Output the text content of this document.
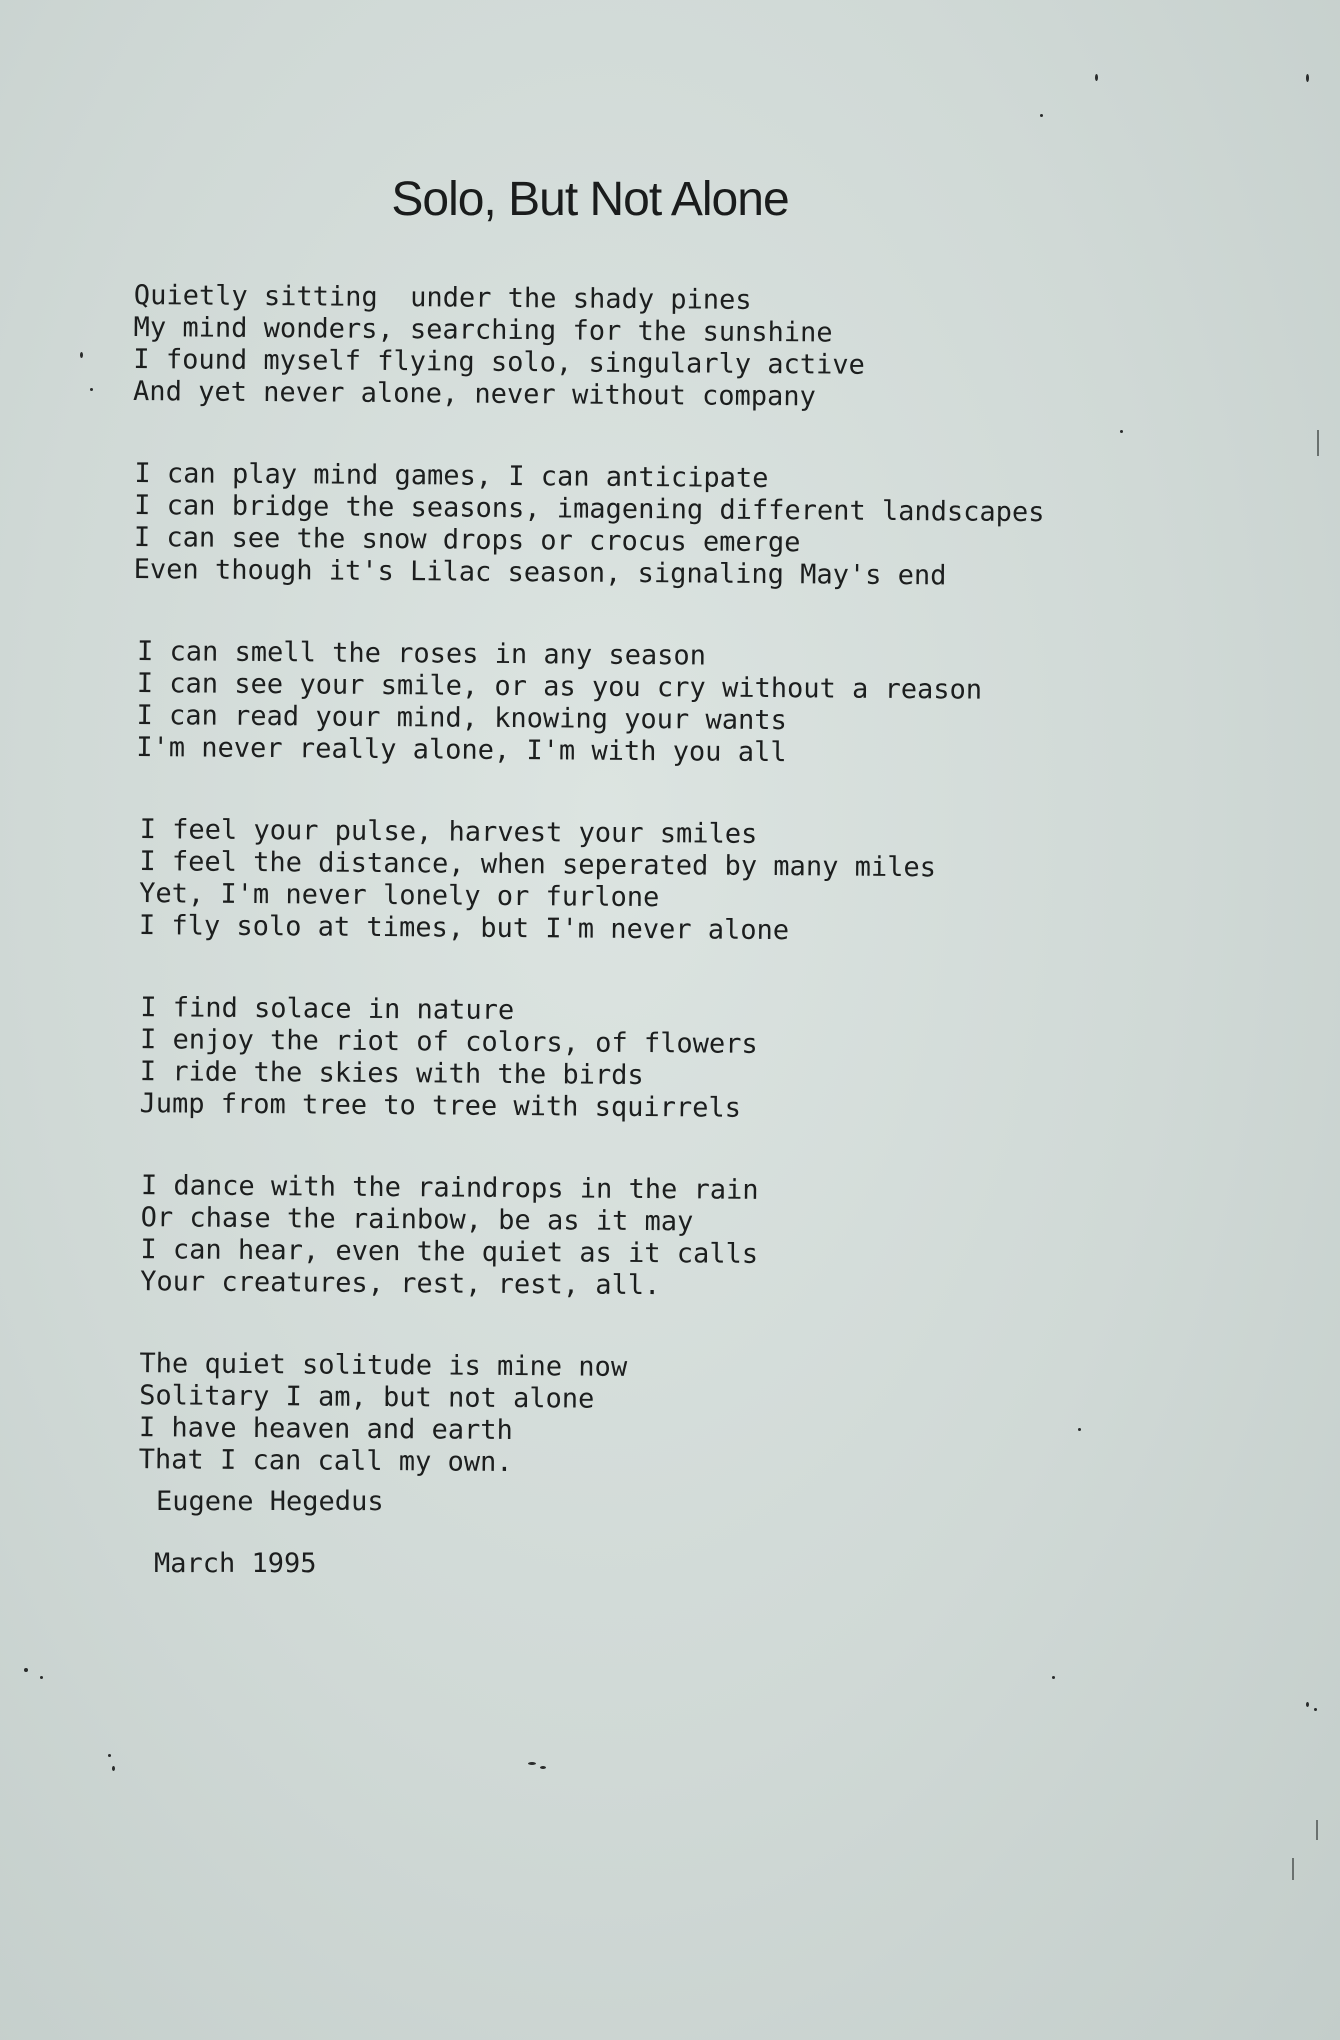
Solo, But Not Alone
Quietly sitting  under the shady pines
My mind wonders, searching for the sunshine
I found myself flying solo, singularly active
And yet never alone, never without company
I can play mind games, I can anticipate
I can bridge the seasons, imagening different landscapes
I can see the snow drops or crocus emerge
Even though it's Lilac season, signaling May's end
I can smell the roses in any season
I can see your smile, or as you cry without a reason
I can read your mind, knowing your wants
I'm never really alone, I'm with you all
I feel your pulse, harvest your smiles
I feel the distance, when seperated by many miles
Yet, I'm never lonely or furlone
I fly solo at times, but I'm never alone
I find solace in nature
I enjoy the riot of colors, of flowers
I ride the skies with the birds
Jump from tree to tree with squirrels
I dance with the raindrops in the rain
Or chase the rainbow, be as it may
I can hear, even the quiet as it calls
Your creatures, rest, rest, all.
The quiet solitude is mine now
Solitary I am, but not alone
I have heaven and earth
That I can call my own.

Eugene Hegedus

March 1995
